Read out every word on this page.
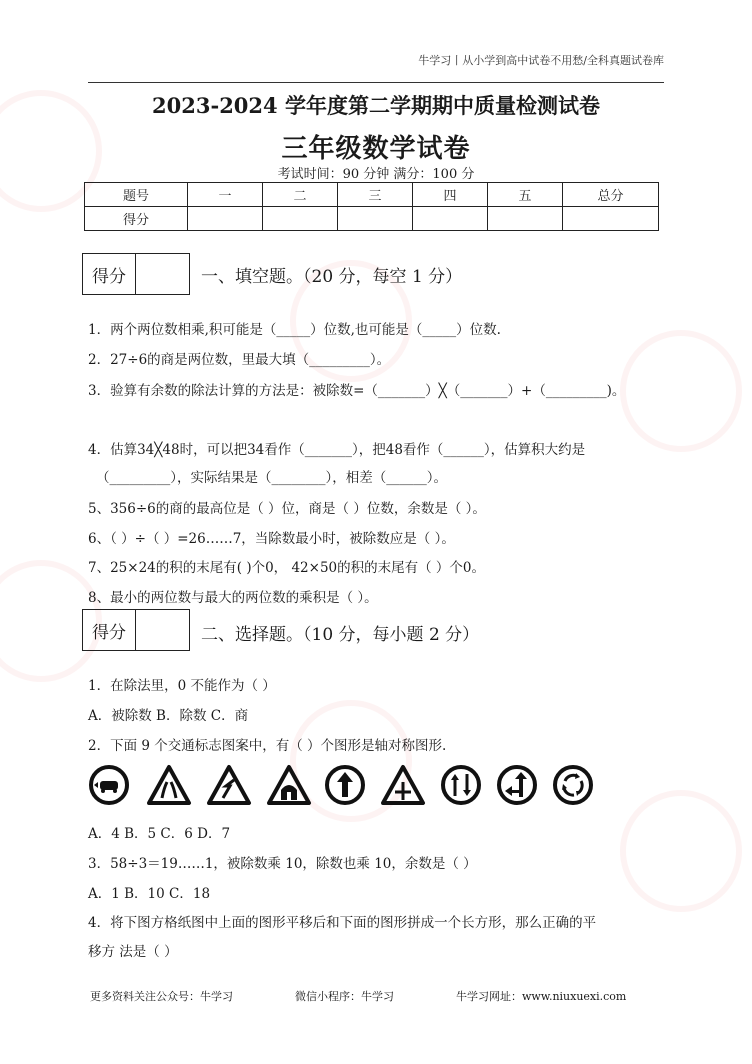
牛学习丨从小学到高中试卷不用愁/全科真题试卷库
2023-2024 学年度第二学期期中质量检测试卷
三年级数学试卷
考试时间：90 分钟 满分：100 分
题号	一	二	三	四	五	总分
得分						
得分	一、填空题。（20 分，每空 1 分）
1．两个两位数相乘,积可能是（_____）位数,也可能是（_____）位数.
2．27÷6的商是两位数，里最大填（_________）。
3．验算有余数的除法计算的方法是：被除数=（_______）╳（_______）+（_________)。
4．估算34╳48时，可以把34看作（_______），把48看作（______），估算积大约是
（_________），实际结果是（________），相差（______）。
5、356÷6的商的最高位是（ ）位，商是（ ）位数，余数是（ ）。
6、（ ）÷（ ）=26……7，当除数最小时，被除数应是（ ）。
7、25×24的积的末尾有( )个0， 42×50的积的末尾有（ ）个0。
8、最小的两位数与最大的两位数的乘积是（ ）。
得分	二、选择题。（10 分，每小题 2 分）
1．在除法里，0 不能作为（ ）
A．被除数 B．除数 C．商
2．下面 9 个交通标志图案中，有（ ）个图形是轴对称图形.
A．4 B．5 C．6 D．7
3．58÷3＝19……1，被除数乘 10，除数也乘 10，余数是（ ）
A．1 B．10 C．18
4．将下图方格纸图中上面的图形平移后和下面的图形拼成一个长方形，那么正确的平
移方 法是（ ）
更多资料关注公众号：牛学习	微信小程序：牛学习	牛学习网址：www.niuxuexi.com
